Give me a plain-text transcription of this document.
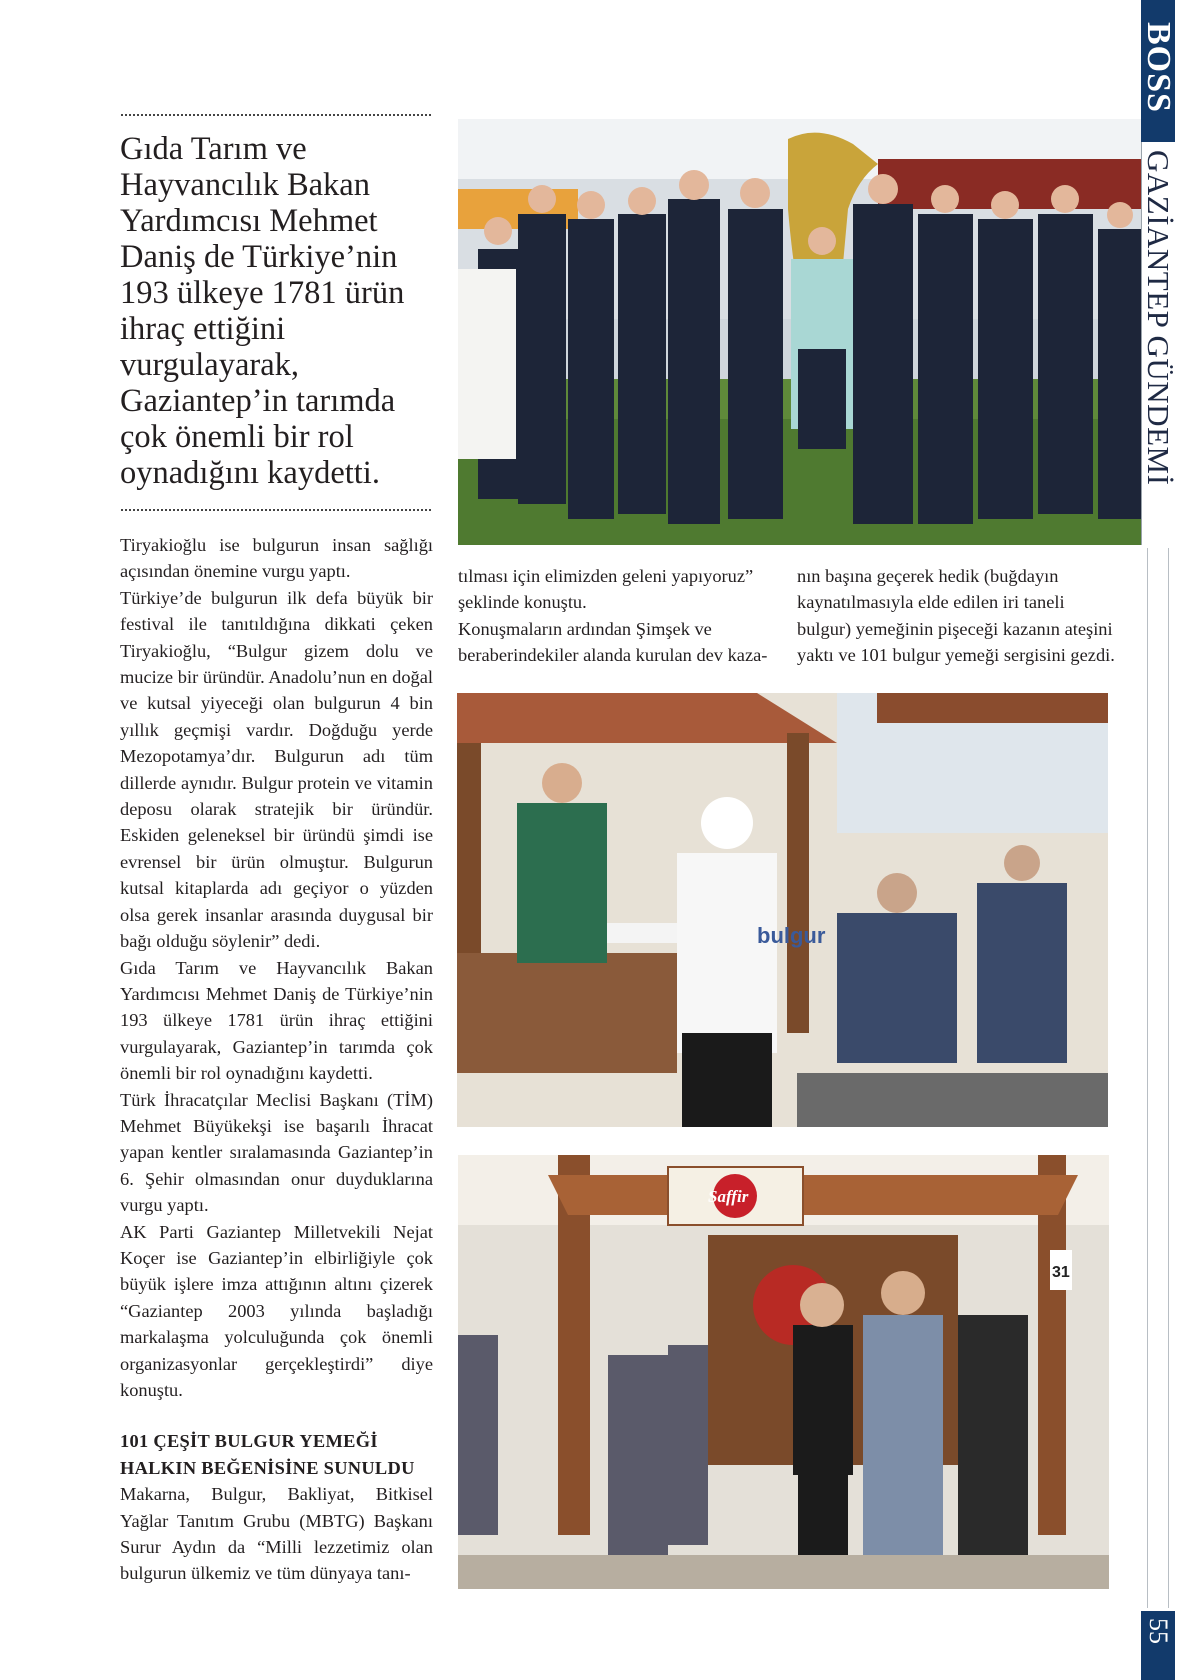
Gıda Tarım ve Hayvancılık Bakan Yardımcısı Mehmet Daniş de Türkiye’nin 193 ülkeye 1781 ürün ihraç ettiğini vurgulayarak, Gaziantep’in tarımda çok önemli bir rol oynadığını kaydetti.

Tiryakioğlu ise bulgurun insan sağlığı açısından önemine vurgu yaptı.

Türkiye’de bulgurun ilk defa büyük bir festival ile tanıtıldığına dikkati çeken Tiryakioğlu, “Bulgur gizem dolu ve mucize bir üründür. Anadolu’nun en doğal ve kutsal yiyeceği olan bulgurun 4 bin yıllık geçmişi vardır. Doğduğu yerde Mezopotamya’dır. Bulgurun adı tüm dillerde aynıdır. Bulgur protein ve vitamin deposu olarak stratejik bir üründür. Eskiden geleneksel bir üründü şimdi ise evrensel bir ürün olmuştur. Bulgurun kutsal kitaplarda adı geçiyor o yüzden olsa gerek insanlar arasında duygusal bir bağı olduğu söylenir” dedi.

Gıda Tarım ve Hayvancılık Bakan Yardımcısı Mehmet Daniş de Türkiye’nin 193 ülkeye 1781 ürün ihraç ettiğini vurgulayarak, Gaziantep’in tarımda çok önemli bir rol oynadığını kaydetti.

Türk İhracatçılar Meclisi Başkanı (TİM) Mehmet Büyükekşi ise başarılı İhracat yapan kentler sıralamasında Gaziantep’in 6. Şehir olmasından onur duyduklarına vurgu yaptı.

AK Parti Gaziantep Milletvekili Nejat Koçer ise Gaziantep’in elbirliğiyle çok büyük işlere imza attığının altını çizerek “Gaziantep 2003 yılında başladığı markalaşma yolculuğunda çok önemli organizasyonlar gerçekleştirdi” diye konuştu.

101 ÇEŞİT BULGUR YEMEĞİ HALKIN BEĞENİSİNE SUNULDU

Makarna, Bulgur, Bakliyat, Bitkisel Yağlar Tanıtım Grubu (MBTG) Başkanı Surur Aydın da “Milli lezzetimiz olan bulgurun ülkemiz ve tüm dünyaya tanı-

tılması için elimizden geleni yapıyoruz” şeklinde konuştu.

Konuşmaların ardından Şimşek ve beraberindekiler alanda kurulan dev kaza-

nın başına geçerek hedik (buğdayın kaynatılmasıyla elde edilen iri taneli bulgur) yemeğinin pişeceği kazanın ateşini yaktı ve 101 bulgur yemeği sergisini gezdi.

bulgur
Saffir
31
BOSS
GAZİANTEP GÜNDEMİ
55
